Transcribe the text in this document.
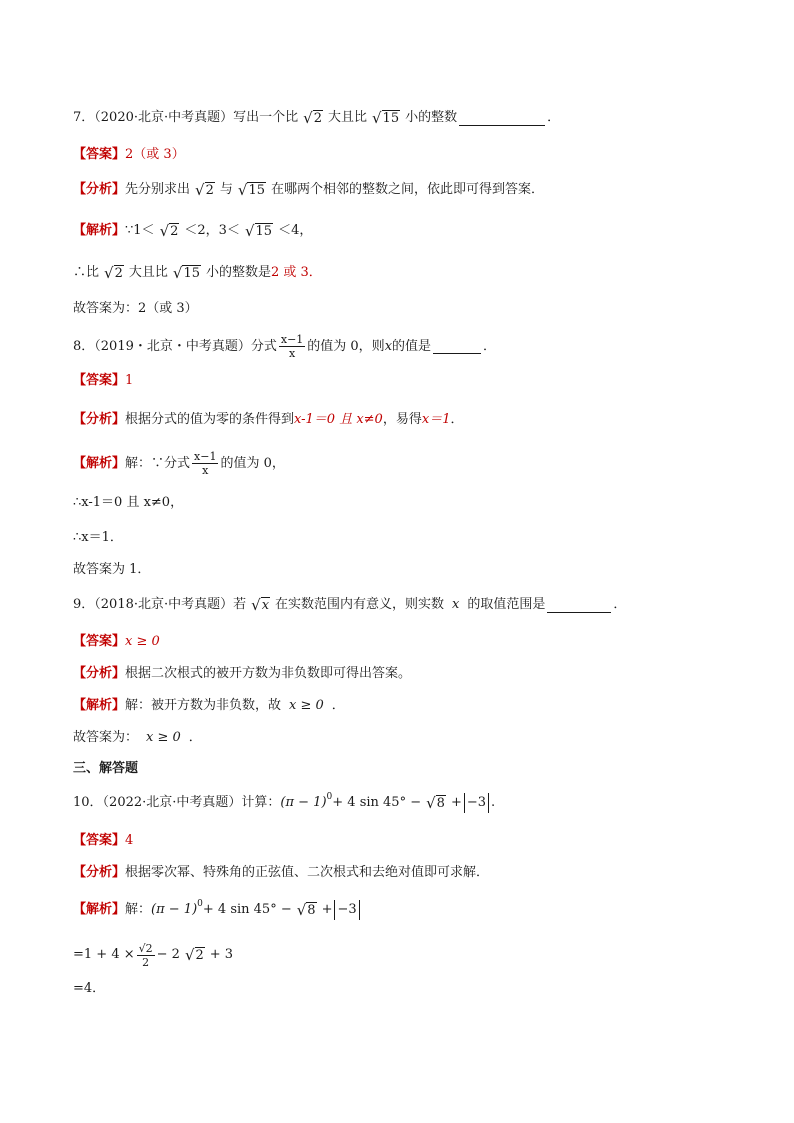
7．（2020·北京·中考真题）写出一个比 √ 2 大且比 √ 15 小的整数	．
【答案】 2（或 3）
【分析】 先分别求出 √ 2 与 √ 15 在哪两个相邻的整数之间，依此即可得到答案．
【解析】 ∵1＜ √ 2 ＜2，3＜ √ 15 ＜4，
∴比 √ 2 大且比 √ 15 小的整数是 2 或 3．
故答案为：2（或 3）
8．（2019・北京・中考真题）分式 $\frac{x-1}{x}$ 的值为 0，则 x 的值是	．
【答案】 1
【分析】 根据分式的值为零的条件得到 x-1＝0 且 x≠0 ，易得 x＝1 ．
【解析】 解：∵分式 $\frac{x-1}{x}$ 的值为 0，
∴x-1＝0 且 x≠0，
∴x＝1．
故答案为 1．
9．（2018·北京·中考真题）若 √ x 在实数范围内有意义，则实数 x 的取值范围是	．
【答案】 x ≥ 0
【分析】 根据二次根式的被开方数为非负数即可得出答案。
【解析】 解：被开方数为非负数，故 x ≥ 0 ．
故答案为： x ≥ 0 ．
三、解答题
10．（2022·北京·中考真题）计算： (π − 1) 0 + 4 sin 45° − √ 8 + −3 .
【答案】 4
【分析】 根据零次幂、特殊角的正弦值、二次根式和去绝对值即可求解．
【解析】 解： (π − 1) 0 + 4 sin 45° − √ 8 + −3
$=1 + 4 \times \frac{√2}{2} - 2$ √ 2 + 3
=4．
